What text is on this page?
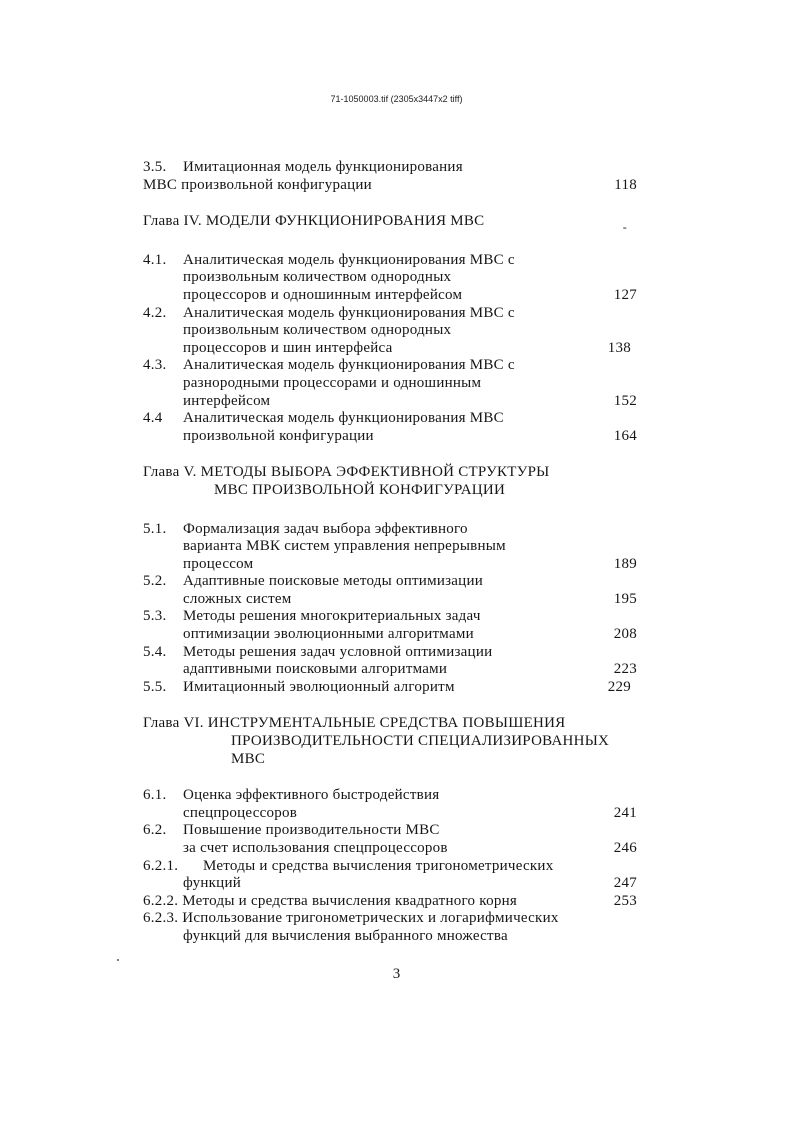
71-1050003.tif (2305x3447x2 tiff)
3.5. Имитационная модель функционирования
МВС произвольной конфигурации	118
Глава IV. МОДЕЛИ ФУНКЦИОНИРОВАНИЯ МВС	-
4.1. Аналитическая модель функционирования МВС с
произвольным количеством однородных
процессоров и одношинным интерфейсом	127
4.2. Аналитическая модель функционирования МВС с
произвольным количеством однородных
процессоров и шин интерфейса	138
4.3. Аналитическая модель функционирования МВС с
разнородными процессорами и одношинным
интерфейсом	152
4.4 Аналитическая модель функционирования МВС
произвольной конфигурации	164
Глава V. МЕТОДЫ ВЫБОРА ЭФФЕКТИВНОЙ СТРУКТУРЫ
МВС ПРОИЗВОЛЬНОЙ КОНФИГУРАЦИИ
5.1. Формализация задач выбора эффективного
варианта МВК систем управления непрерывным
процессом	189
5.2. Адаптивные поисковые методы оптимизации
сложных систем	195
5.3. Методы решения многокритериальных задач
оптимизации эволюционными алгоритмами	208
5.4. Методы решения задач условной оптимизации
адаптивными поисковыми алгоритмами	223
5.5. Имитационный эволюционный алгоритм	229
Глава VI. ИНСТРУМЕНТАЛЬНЫЕ СРЕДСТВА ПОВЫШЕНИЯ
ПРОИЗВОДИТЕЛЬНОСТИ СПЕЦИАЛИЗИРОВАННЫХ
МВС
6.1. Оценка эффективного быстродействия
спецпроцессоров	241
6.2. Повышение производительности МВС
за счет использования спецпроцессоров	246
6.2.1.	Методы и средства вычисления тригонометрических
функций	247
6.2.2. Методы и средства вычисления квадратного корня	253
6.2.3. Использование тригонометрических и логарифмических
функций для вычисления выбранного множества
3
